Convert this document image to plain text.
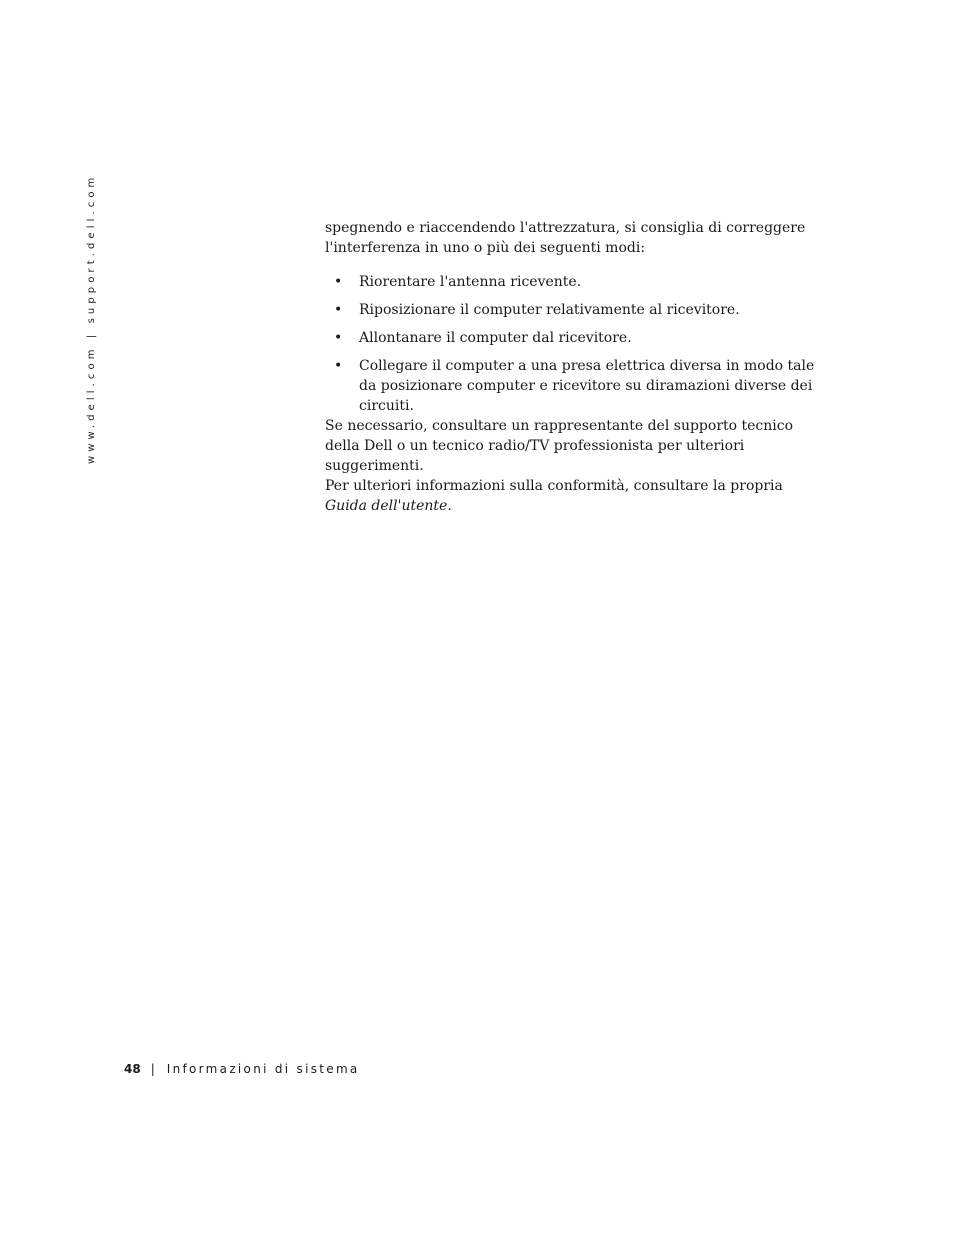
www.dell.com | support.dell.com	spegnendo e riaccendendo l'attrezzatura, si consiglia di correggere l'interferenza in uno o più dei seguenti modi:

• Riorentare l'antenna ricevente.
• Riposizionare il computer relativamente al ricevitore.
• Allontanare il computer dal ricevitore.
• Collegare il computer a una presa elettrica diversa in modo tale da posizionare computer e ricevitore su diramazioni diverse dei circuiti.

Se necessario, consultare un rappresentante del supporto tecnico della Dell o un tecnico radio/TV professionista per ulteriori suggerimenti.

Per ulteriori informazioni sulla conformità, consultare la propria Guida dell'utente.

48 | Informazioni di sistema
